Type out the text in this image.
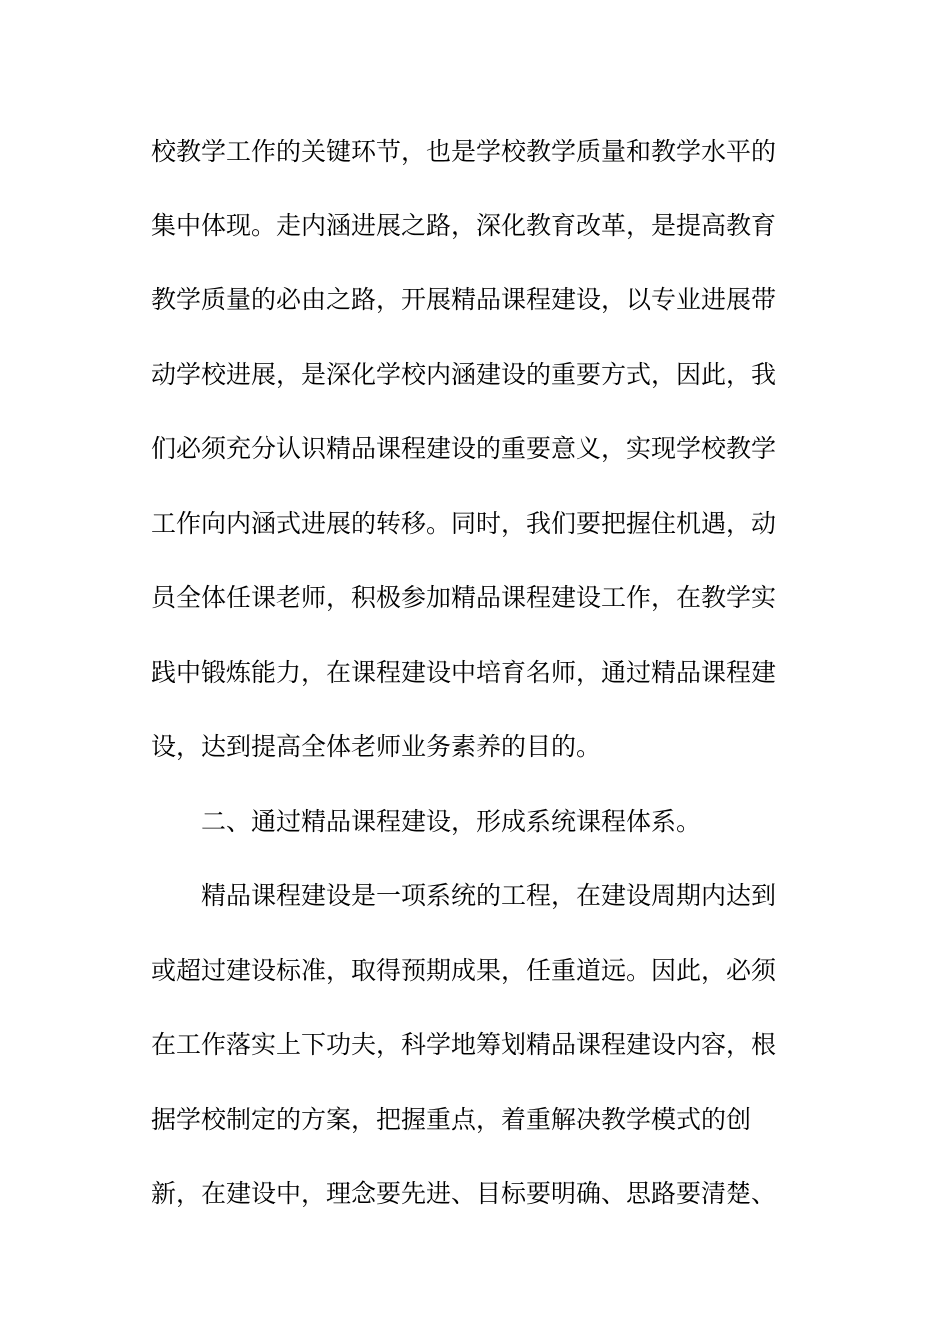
校教学工作的关键环节，也是学校教学质量和教学水平的
集中体现。走内涵进展之路，深化教育改革，是提高教育
教学质量的必由之路，开展精品课程建设，以专业进展带
动学校进展，是深化学校内涵建设的重要方式，因此，我
们必须充分认识精品课程建设的重要意义，实现学校教学
工作向内涵式进展的转移。同时，我们要把握住机遇，动
员全体任课老师，积极参加精品课程建设工作，在教学实
践中锻炼能力，在课程建设中培育名师，通过精品课程建
设，达到提高全体老师业务素养的目的。
二、通过精品课程建设，形成系统课程体系。
精品课程建设是一项系统的工程，在建设周期内达到
或超过建设标准，取得预期成果，任重道远。因此，必须
在工作落实上下功夫，科学地筹划精品课程建设内容，根
据学校制定的方案，把握重点，着重解决教学模式的创
新，在建设中，理念要先进、目标要明确、思路要清楚、
